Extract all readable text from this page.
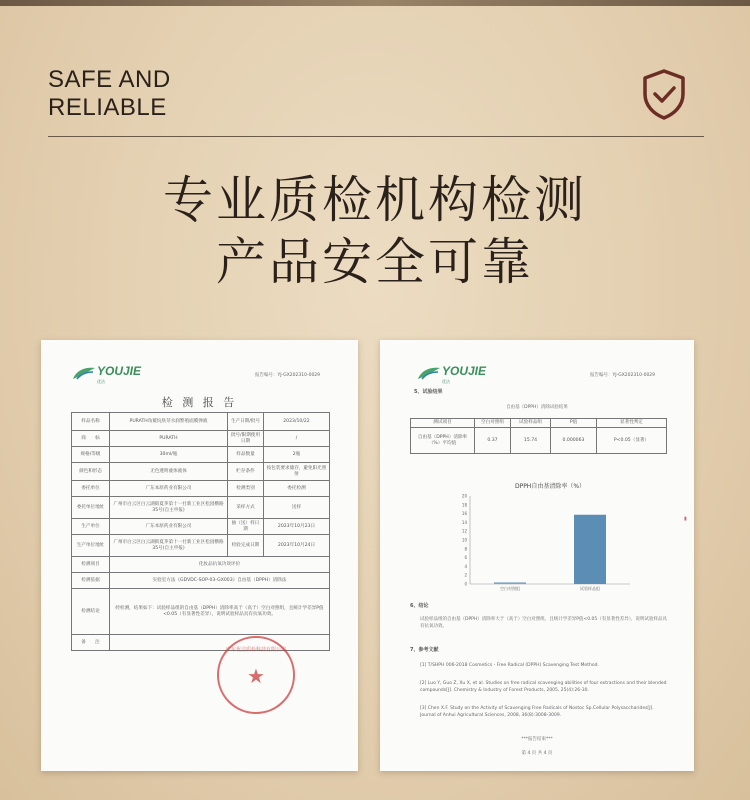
SAFE AND
RELIABLE
专业质检机构检测
产品安全可靠
YOUJIE
优洁
报告编号：YJ-GX202310-0029
检 测 报 告
样品名称	PURATH角鲨烷肤芽水润繁殖面膜弹液	生产日期/批号	2023/10/22
商　　标	PURATH	批号/限期使用日期	/
规格/等级	30ml/瓶	样品数量	2瓶
颜色和形态	无色透明液体液体	贮存条件	按包装要求储存，避免阳光照射
委托单位	广东本原药业有限公司	检测类别	委托检测
委托单位地址	广州市白云区白云湖街夏茅第十一社新工业区松园横路35号(自主申报)	采样方式	送样
生产单位	广东本原药业有限公司	抽（送）样日期	2023年10月23日
生产单位地址	广州市白云区白云湖街夏茅第十一社新工业区松园横路35号(自主申报)	检验完成日期	2023年10月24日
检测项目	化妆品抗氧功效评价		
检测依据	实验室方法《GDVDC-SOP-03-GX003》自由基（DPPH）清除法		
检测结论	经检测，结果如下：试验样品组的自由基（DPPH）清除率高于（高于）空白对照组，且统计学差异P值<0.05（有显著性差异），说明试验样品具有抗氧功效。		
备　　注			
广东优洁质检科技有限公司
★
YOUJIE
优洁
报告编号：YJ-GX202310-0029
5、试验结果
自由基（DPPH）清除试验结果
测试项目	空白对照组	试验样品组	P值	显著性判定
自由基（DPPH）清除率（%）平均值	0.37	15.74	0.000063	P<0.05（显著）
DPPH自由基清除率（%）
20
18
16
14
12
10
8
6
4
2
0
空白对照组	试验样品组
6、结论
试验样品组的自由基（DPPH）清除率大于（高于）空白对照组，且统计学差异P值<0.05（有显著性差异），说明试验样品具有抗氧功效。
7、参考文献
[1] T/SHPH 006-2018 Cosmetics - Free Radical (DPPH) Scavenging Test Method.
[2] Luo Y, Guo Z, Xu X, et al. Studies on free radical scavenging abilities of four extractions and their blended compounds[J]. Chemistry & Industry of Forest Products, 2005, 25(4):26-30.
[3] Chen X.F. Study on the Activity of Scavenging Free Radicals of Nostoc Sp.Cellular Polysaccharides[J]. Journal of Anhui Agricultural Sciences, 2008, 36(8):3008-3009.
***报告结束***
第 4 页 共 4 页
▮
